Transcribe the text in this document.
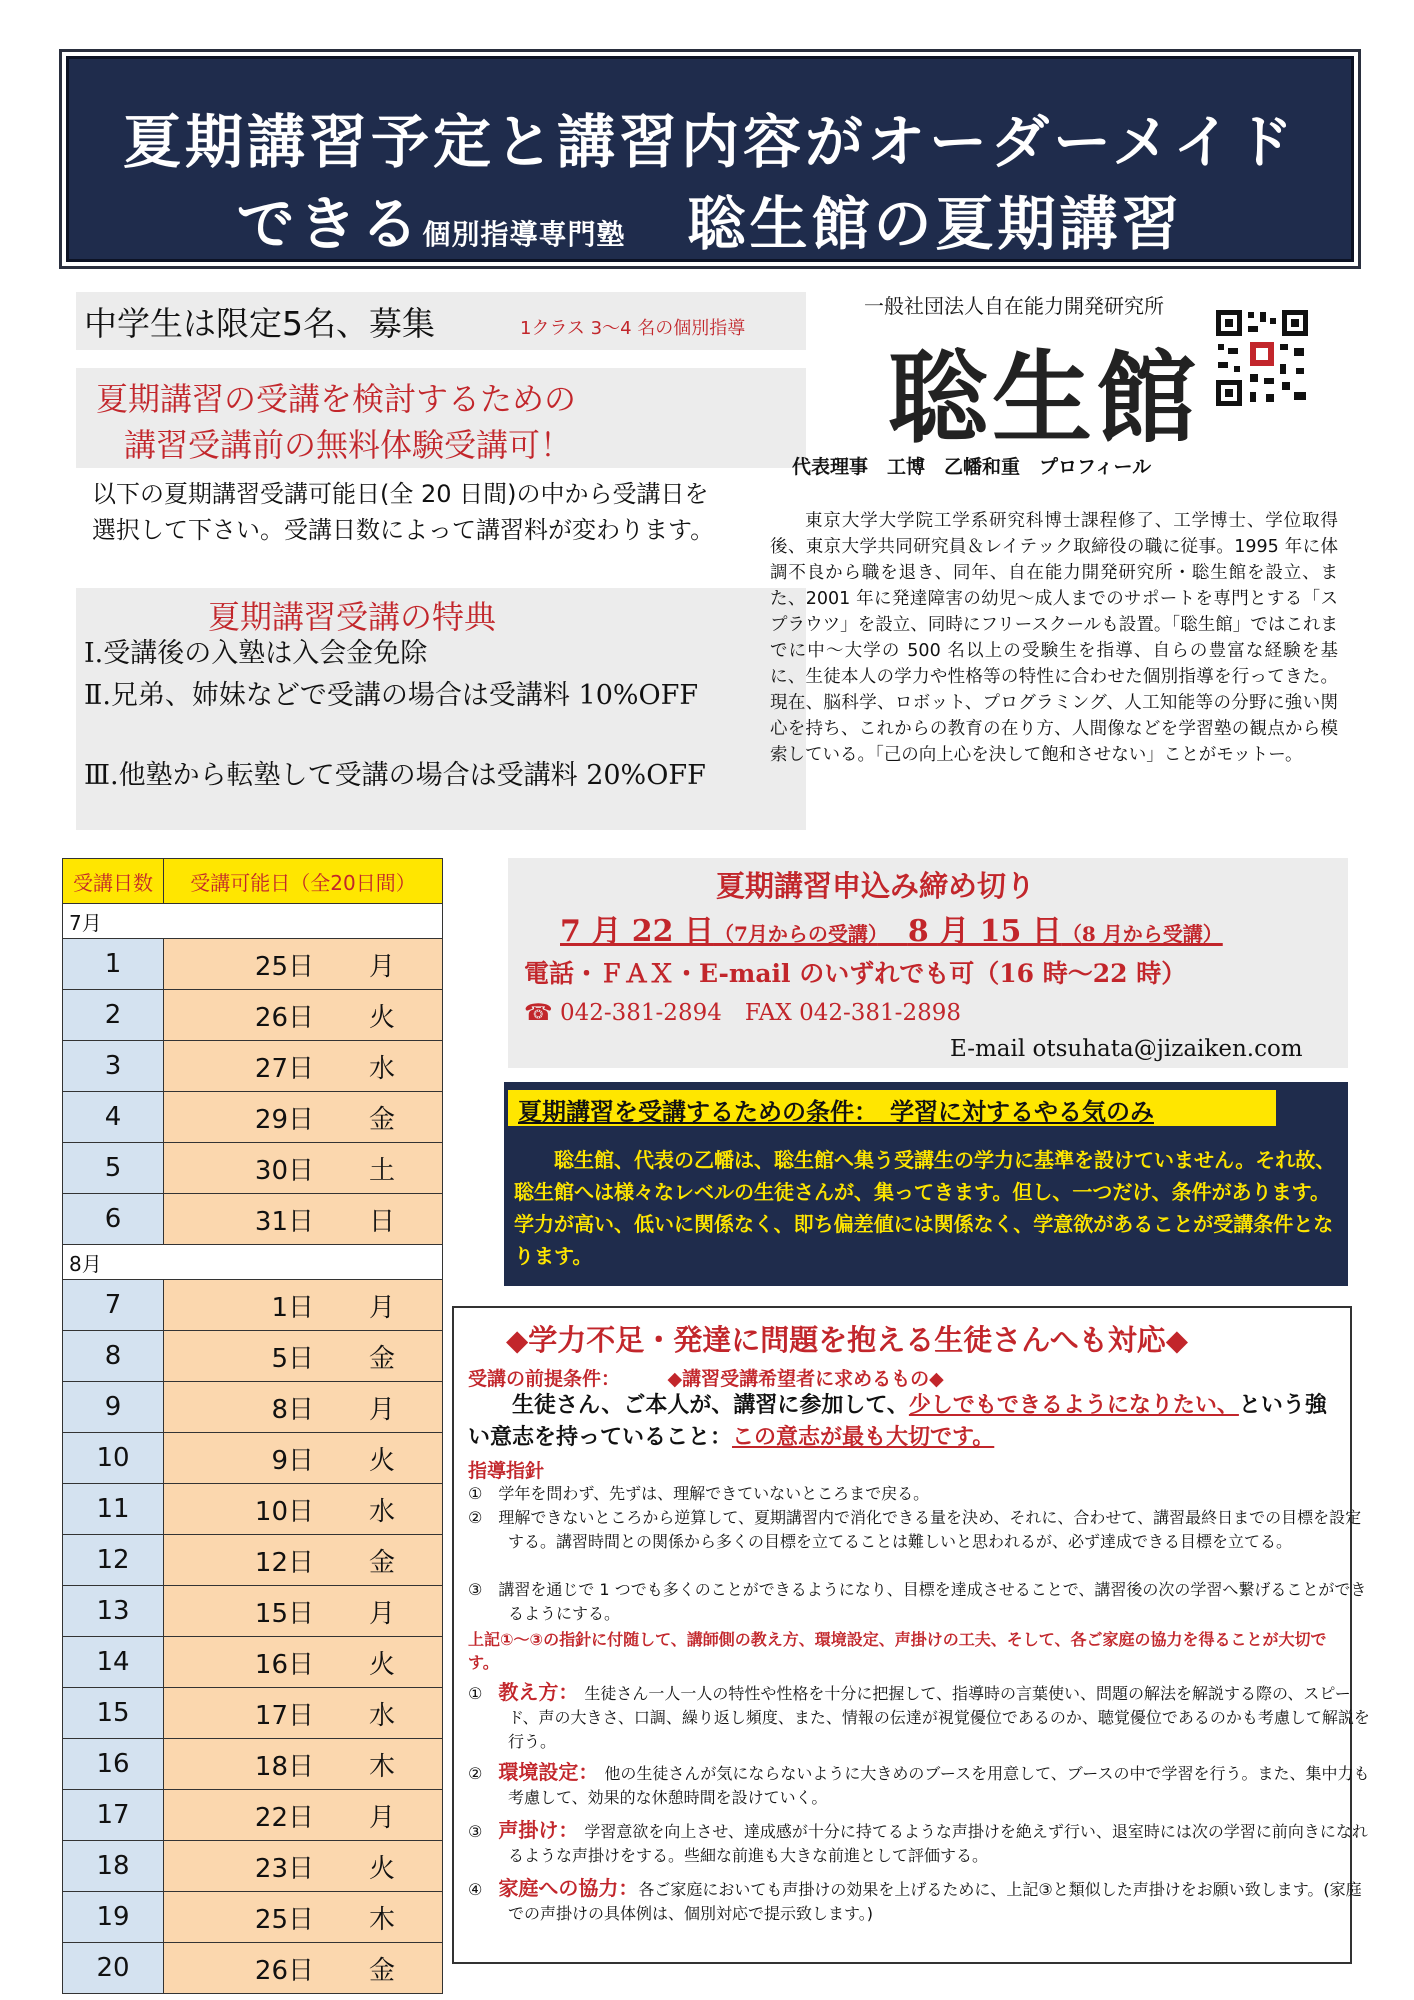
夏期講習予定と講習内容がオーダーメイド
できる個別指導専門塾　 聡生館の夏期講習
中学生は限定5名、募集	1クラス 3～4 名の個別指導
夏期講習の受講を検討するための
講習受講前の無料体験受講可！
以下の夏期講習受講可能日(全 20 日間)の中から受講日を選択して下さい。受講日数によって講習料が変わります。
夏期講習受講の特典
Ⅰ.受講後の入塾は入会金免除
Ⅱ.兄弟、姉妹などで受講の場合は受講料 10%OFF
Ⅲ.他塾から転塾して受講の場合は受講料 20%OFF
一般社団法人自在能力開発研究所
聡生館
代表理事　工博　乙幡和重　プロフィール
東京大学大学院工学系研究科博士課程修了、工学博士、学位取得後、東京大学共同研究員＆レイテック取締役の職に従事。1995 年に体調不良から職を退き、同年、自在能力開発研究所・聡生館を設立、また、2001 年に発達障害の幼児～成人までのサポートを専門とする「スプラウツ」を設立、同時にフリースクールも設置。「聡生館」ではこれまでに中～大学の 500 名以上の受験生を指導、自らの豊富な経験を基に、生徒本人の学力や性格等の特性に合わせた個別指導を行ってきた。現在、脳科学、ロボット、プログラミング、人工知能等の分野に強い関心を持ち、これからの教育の在り方、人間像などを学習塾の観点から模索している。「己の向上心を決して飽和させない」ことがモットー。
受講日数	受講可能日（全20日間）	
7月		
1	25日	月
2	26日	火
3	27日	水
4	29日	金
5	30日	土
6	31日	日
8月		
7	1日	月
8	5日	金
9	8日	月
10	9日	火
11	10日	水
12	12日	金
13	15日	月
14	16日	火
15	17日	水
16	18日	木
17	22日	月
18	23日	火
19	25日	木
20	26日	金
夏期講習申込み締め切り
7 月 22 日（7月からの受講）　 8 月 15 日（8 月から受講）
電話・ＦＡＸ・E-mail のいずれでも可（16 時～22 時）
☎ 042-381-2894　FAX 042-381-2898
E-mail otsuhata@jizaiken.com
夏期講習を受講するための条件：　 学習に対するやる気のみ
聡生館、代表の乙幡は、聡生館へ集う受講生の学力に基準を設けていません。それ故、聡生館へは様々なレベルの生徒さんが、集ってきます。但し、一つだけ、条件があります。学力が高い、低いに関係なく、即ち偏差値には関係なく、学意欲があることが受講条件となります。
◆学力不足・発達に問題を抱える生徒さんへも対応◆
受講の前提条件：　　　	◆講習受講希望者に求めるもの◆
生徒さん、ご本人が、講習に参加して、少しでもできるようになりたい、という強い意志を持っていること：この意志が最も大切です。
指導指針
①　学年を問わず、先ずは、理解できていないところまで戻る。
②　理解できないところから逆算して、夏期講習内で消化できる量を決め、それに、合わせて、講習最終日までの目標を設定する。講習時間との関係から多くの目標を立てることは難しいと思われるが、必ず達成できる目標を立てる。
③　講習を通じで 1 つでも多くのことができるようになり、目標を達成させることで、講習後の次の学習へ繋げることができるようにする。
上記①～③の指針に付随して、講師側の教え方、環境設定、声掛けの工夫、そして、各ご家庭の協力を得ることが大切です。
①　 教え方：　 生徒さん一人一人の特性や性格を十分に把握して、指導時の言葉使い、問題の解法を解説する際の、スピード、声の大きさ、口調、繰り返し頻度、また、情報の伝達が視覚優位であるのか、聴覚優位であるのかも考慮して解説を行う。
②　 環境設定：　 他の生徒さんが気にならないように大きめのブースを用意して、ブースの中で学習を行う。また、集中力も考慮して、効果的な休憩時間を設けていく。
③　 声掛け：　 学習意欲を向上させ、達成感が十分に持てるような声掛けを絶えず行い、退室時には次の学習に前向きになれるような声掛けをする。些細な前進も大きな前進として評価する。
④　 家庭への協力：各ご家庭においても声掛けの効果を上げるために、上記③と類似した声掛けをお願い致します。(家庭での声掛けの具体例は、個別対応で提示致します。)
